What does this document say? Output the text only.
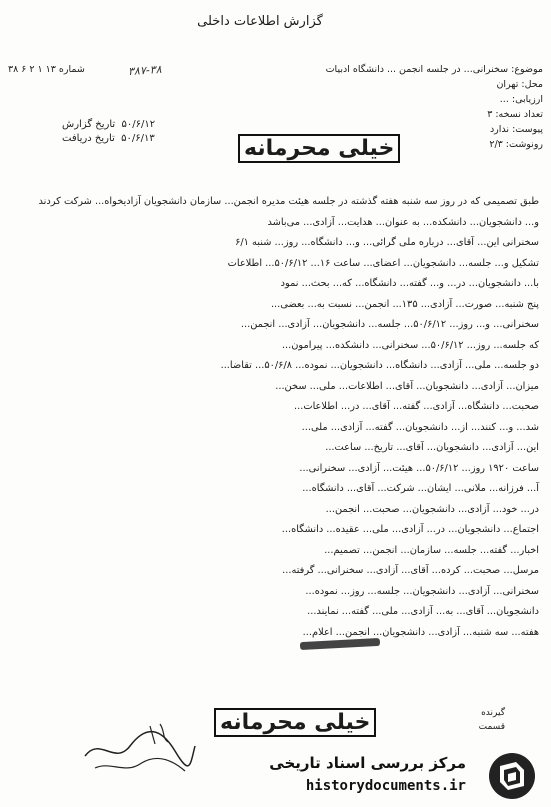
گزارش اطلاعات داخلی
۳۸۷-۳۸	موضوع: سخنرانی... در جلسه انجمن ... دانشگاه ادبیات
شماره ۱۳ ۱ ۲ ۶ ۳۸
محل: تهران
ارزیابی: ...
تعداد نسخه: ۳
پیوست: ندارد
رونوشت: ۲/۳
۵۰/۶/۱۲  تاریخ گزارش
۵۰/۶/۱۳  تاریخ دریافت	خیلی محرمانه

طبق تصمیمی که در روز سه شنبه هفته گذشته در جلسه هیئت مدیره انجمن... سازمان دانشجویان آزادیخواه... شرکت کردند

و... دانشجویان... دانشکده... به عنوان... هدایت... آزادی... می‌باشد

سخنرانی این... آقای... درباره ملی گرائی... و... دانشگاه... روز... شنبه ۶/۱

تشکیل و... جلسه... دانشجویان... اعضای... ساعت ۱۶... ۵۰/۶/۱۲... اطلاعات

با... دانشجویان... در... و... گفته... دانشگاه... که... بحث... نمود

پنج شنبه... صورت... آزادی... ۱۳۵... انجمن... نسبت به... بعضی...

سخنرانی... و... روز... ۵۰/۶/۱۲... جلسه... دانشجویان... آزادی... انجمن...

که جلسه... روز... ۵۰/۶/۱۲... سخنرانی... دانشکده... پیرامون...

دو جلسه... ملی... آزادی... دانشگاه... دانشجویان... نموده... ۵۰/۶/۸... تقاضا...

میزان... آزادی... دانشجویان... آقای... اطلاعات... ملی... سخن...

صحبت... دانشگاه... آزادی... گفته... آقای... در... اطلاعات...

شد... و... کنند... از... دانشجویان... گفته... آزادی... ملی...

این... آزادی... دانشجویان... آقای... تاریخ... ساعت...

ساعت ۱۹۲۰ روز... ۵۰/۶/۱۲... هیئت... آزادی... سخنرانی...

آ... فرزانه... ملانی... ایشان... شرکت... آقای... دانشگاه...

در... خود... آزادی... دانشجویان... صحبت... انجمن...

اجتماع... دانشجویان... در... آزادی... ملی... عقیده... دانشگاه...

اخبار... گفته... جلسه... سازمان... انجمن... تصمیم...

مرسل... صحبت... کرده... آقای... آزادی... سخنرانی... گرفته...

سخنرانی... آزادی... دانشجویان... جلسه... روز... نموده...

دانشجویان... آقای... به... آزادی... ملی... گفته... نمایند...

هفته... سه شنبه... آزادی... دانشجویان... انجمن... اعلام...

خیلی محرمانه	گیرنده
قسمت
مرکز بررسی اسناد تاریخی
historydocuments.ir
